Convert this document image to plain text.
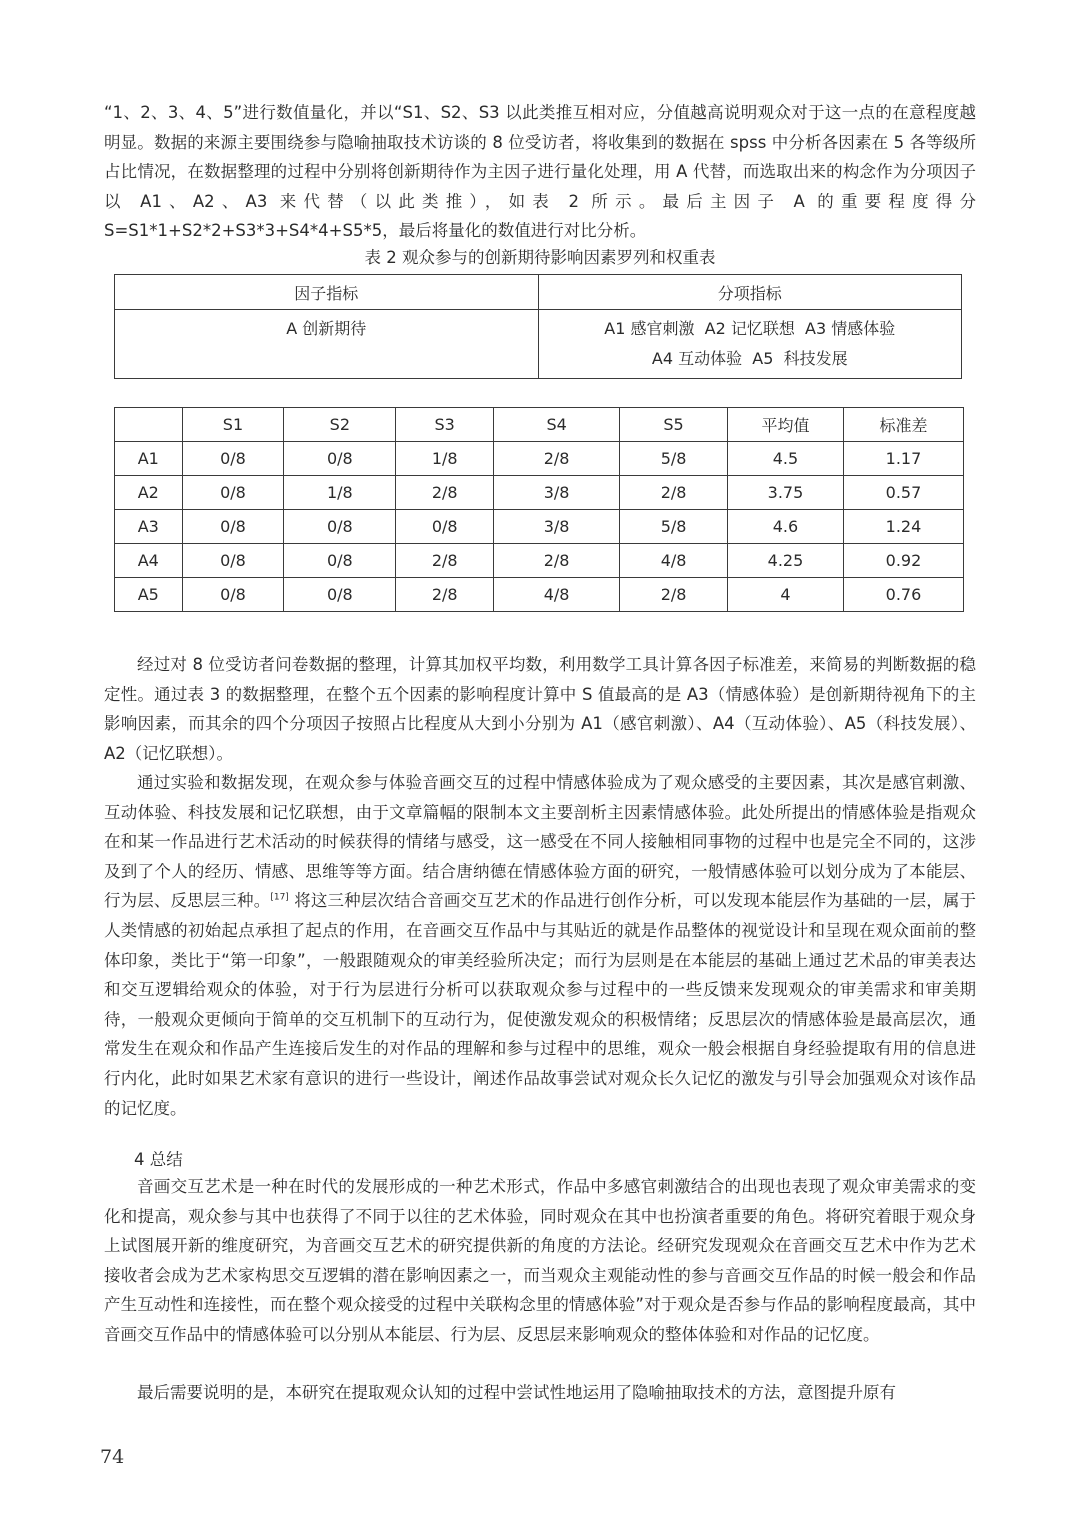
“1、2、3、4、5”进行数值量化，并以“S1、S2、S3 以此类推互相对应，分值越高说明观众对于这一点的在意程度越明显。数据的来源主要围绕参与隐喻抽取技术访谈的 8 位受访者，将收集到的数据在 spss 中分析各因素在 5 各等级所占比情况，在数据整理的过程中分别将创新期待作为主因子进行量化处理，用 A 代替，而选取出来的构念作为分项因子以 A1、A2、A3 来代替（以此类推），如表 2 所示。最后主因子 A 的重要程度得分S=S1*1+S2*2+S3*3+S4*4+S5*5，最后将量化的数值进行对比分析。

表 2 观众参与的创新期待影响因素罗列和权重表

因子指标	分项指标
A 创新期待	A1 感官刺激  A2 记忆联想  A3 情感体验
A4 互动体验  A5  科技发展
	S1	S2	S3	S4	S5	平均值	标准差
A1	0/8	0/8	1/8	2/8	5/8	4.5	1.17
A2	0/8	1/8	2/8	3/8	2/8	3.75	0.57
A3	0/8	0/8	0/8	3/8	5/8	4.6	1.24
A4	0/8	0/8	2/8	2/8	4/8	4.25	0.92
A5	0/8	0/8	2/8	4/8	2/8	4	0.76

经过对 8 位受访者问卷数据的整理，计算其加权平均数，利用数学工具计算各因子标准差，来简易的判断数据的稳定性。通过表 3 的数据整理，在整个五个因素的影响程度计算中 S 值最高的是 A3（情感体验）是创新期待视角下的主影响因素，而其余的四个分项因子按照占比程度从大到小分别为 A1（感官刺激）、A4（互动体验）、A5（科技发展）、A2（记忆联想）。

通过实验和数据发现，在观众参与体验音画交互的过程中情感体验成为了观众感受的主要因素，其次是感官刺激、互动体验、科技发展和记忆联想，由于文章篇幅的限制本文主要剖析主因素情感体验。此处所提出的情感体验是指观众在和某一作品进行艺术活动的时候获得的情绪与感受，这一感受在不同人接触相同事物的过程中也是完全不同的，这涉及到了个人的经历、情感、思维等等方面。结合唐纳德在情感体验方面的研究，一般情感体验可以划分成为了本能层、行为层、反思层三种。[17] 将这三种层次结合音画交互艺术的作品进行创作分析，可以发现本能层作为基础的一层，属于人类情感的初始起点承担了起点的作用，在音画交互作品中与其贴近的就是作品整体的视觉设计和呈现在观众面前的整体印象，类比于“第一印象”，一般跟随观众的审美经验所决定；而行为层则是在本能层的基础上通过艺术品的审美表达和交互逻辑给观众的体验，对于行为层进行分析可以获取观众参与过程中的一些反馈来发现观众的审美需求和审美期待，一般观众更倾向于简单的交互机制下的互动行为，促使激发观众的积极情绪；反思层次的情感体验是最高层次，通常发生在观众和作品产生连接后发生的对作品的理解和参与过程中的思维，观众一般会根据自身经验提取有用的信息进行内化，此时如果艺术家有意识的进行一些设计，阐述作品故事尝试对观众长久记忆的激发与引导会加强观众对该作品的记忆度。

4 总结

音画交互艺术是一种在时代的发展形成的一种艺术形式，作品中多感官刺激结合的出现也表现了观众审美需求的变化和提高，观众参与其中也获得了不同于以往的艺术体验，同时观众在其中也扮演者重要的角色。将研究着眼于观众身上试图展开新的维度研究，为音画交互艺术的研究提供新的角度的方法论。经研究发现观众在音画交互艺术中作为艺术接收者会成为艺术家构思交互逻辑的潜在影响因素之一，而当观众主观能动性的参与音画交互作品的时候一般会和作品产生互动性和连接性，而在整个观众接受的过程中关联构念里的情感体验”对于观众是否参与作品的影响程度最高，其中音画交互作品中的情感体验可以分别从本能层、行为层、反思层来影响观众的整体体验和对作品的记忆度。

最后需要说明的是，本研究在提取观众认知的过程中尝试性地运用了隐喻抽取技术的方法，意图提升原有

74
